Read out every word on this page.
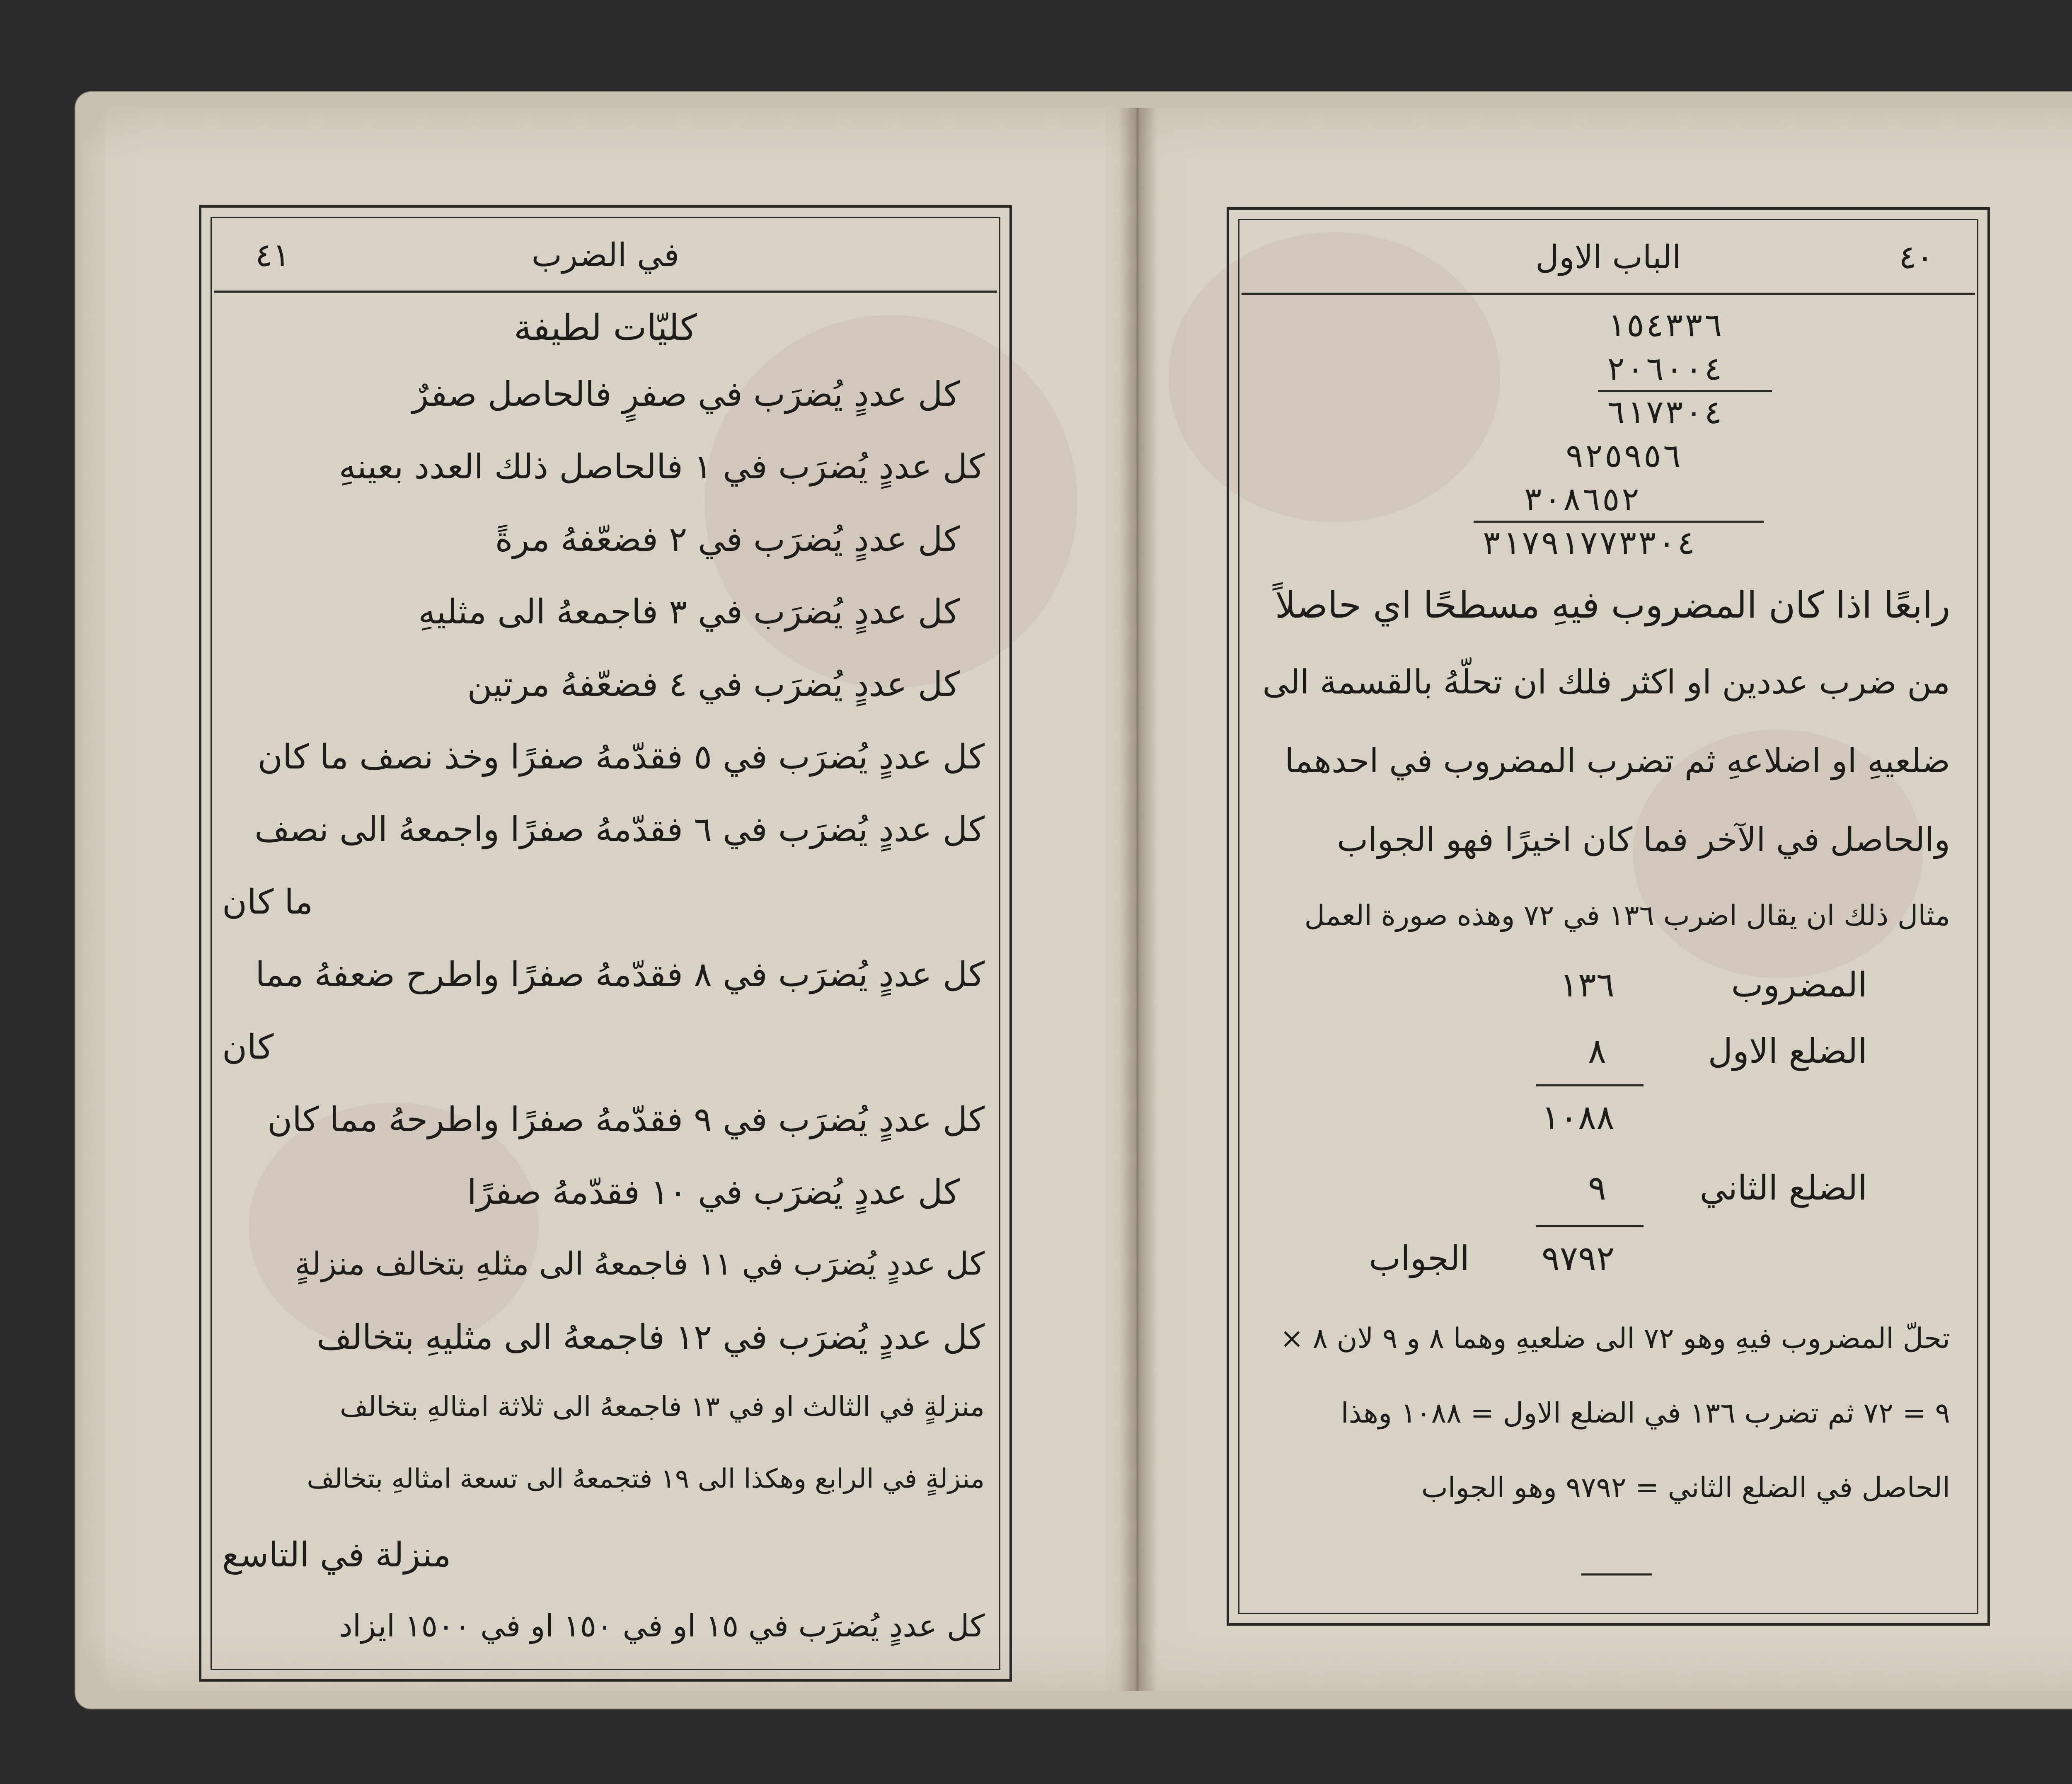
في الضرب
٤١
كليّات لطيفة
كل عددٍ يُضرَب في صفرٍ فالحاصل صفرٌ
كل عددٍ يُضرَب في ١ فالحاصل ذلك العدد بعينهِ
كل عددٍ يُضرَب في ٢ فضعّفهُ مرةً
كل عددٍ يُضرَب في ٣ فاجمعهُ الى مثليهِ
كل عددٍ يُضرَب في ٤ فضعّفهُ مرتين
كل عددٍ يُضرَب في ٥ فقدّمهُ صفرًا وخذ نصف ما كان
كل عددٍ يُضرَب في ٦ فقدّمهُ صفرًا واجمعهُ الى نصف
ما كان
كل عددٍ يُضرَب في ٨ فقدّمهُ صفرًا واطرح ضعفهُ مما
كان
كل عددٍ يُضرَب في ٩ فقدّمهُ صفرًا واطرحهُ مما كان
كل عددٍ يُضرَب في ١٠ فقدّمهُ صفرًا
كل عددٍ يُضرَب في ١١ فاجمعهُ الى مثلهِ بتخالف منزلةٍ
كل عددٍ يُضرَب في ١٢ فاجمعهُ الى مثليهِ بتخالف
منزلةٍ في الثالث او في ١٣ فاجمعهُ الى ثلاثة امثالهِ بتخالف
منزلةٍ في الرابع وهكذا الى ١٩ فتجمعهُ الى تسعة امثالهِ بتخالف
منزلة في التاسع
كل عددٍ يُضرَب في ١٥ او في ١٥٠ او في ١٥٠٠ ايزاد
الباب الاول	٤٠
١٥٤٣٣٦
٢٠٦٠٠٤
٦١٧٣٠٤
٩٢٥٩٥٦
٣٠٨٦٥٢
٣١٧٩١٧٧٣٣٠٤
رابعًا اذا كان المضروب فيهِ مسطحًا اي حاصلاً
من ضرب عددين او اكثر فلك ان تحلّهُ بالقسمة الى
ضلعيهِ او اضلاعهِ ثم تضرب المضروب في احدهما
والحاصل في الآخر فما كان اخيرًا فهو الجواب
مثال ذلك ان يقال اضرب ١٣٦ في ٧٢ وهذه صورة العمل
المضروب
١٣٦
الضلع الاول
٨
١٠٨٨
الضلع الثاني
٩
٩٧٩٢
الجواب
تحلّ المضروب فيهِ وهو ٧٢ الى ضلعيهِ وهما ٨ و ٩ لان ٨ ×
٩ = ٧٢ ثم تضرب ١٣٦ في الضلع الاول = ١٠٨٨ وهذا
الحاصل في الضلع الثاني = ٩٧٩٢ وهو الجواب
